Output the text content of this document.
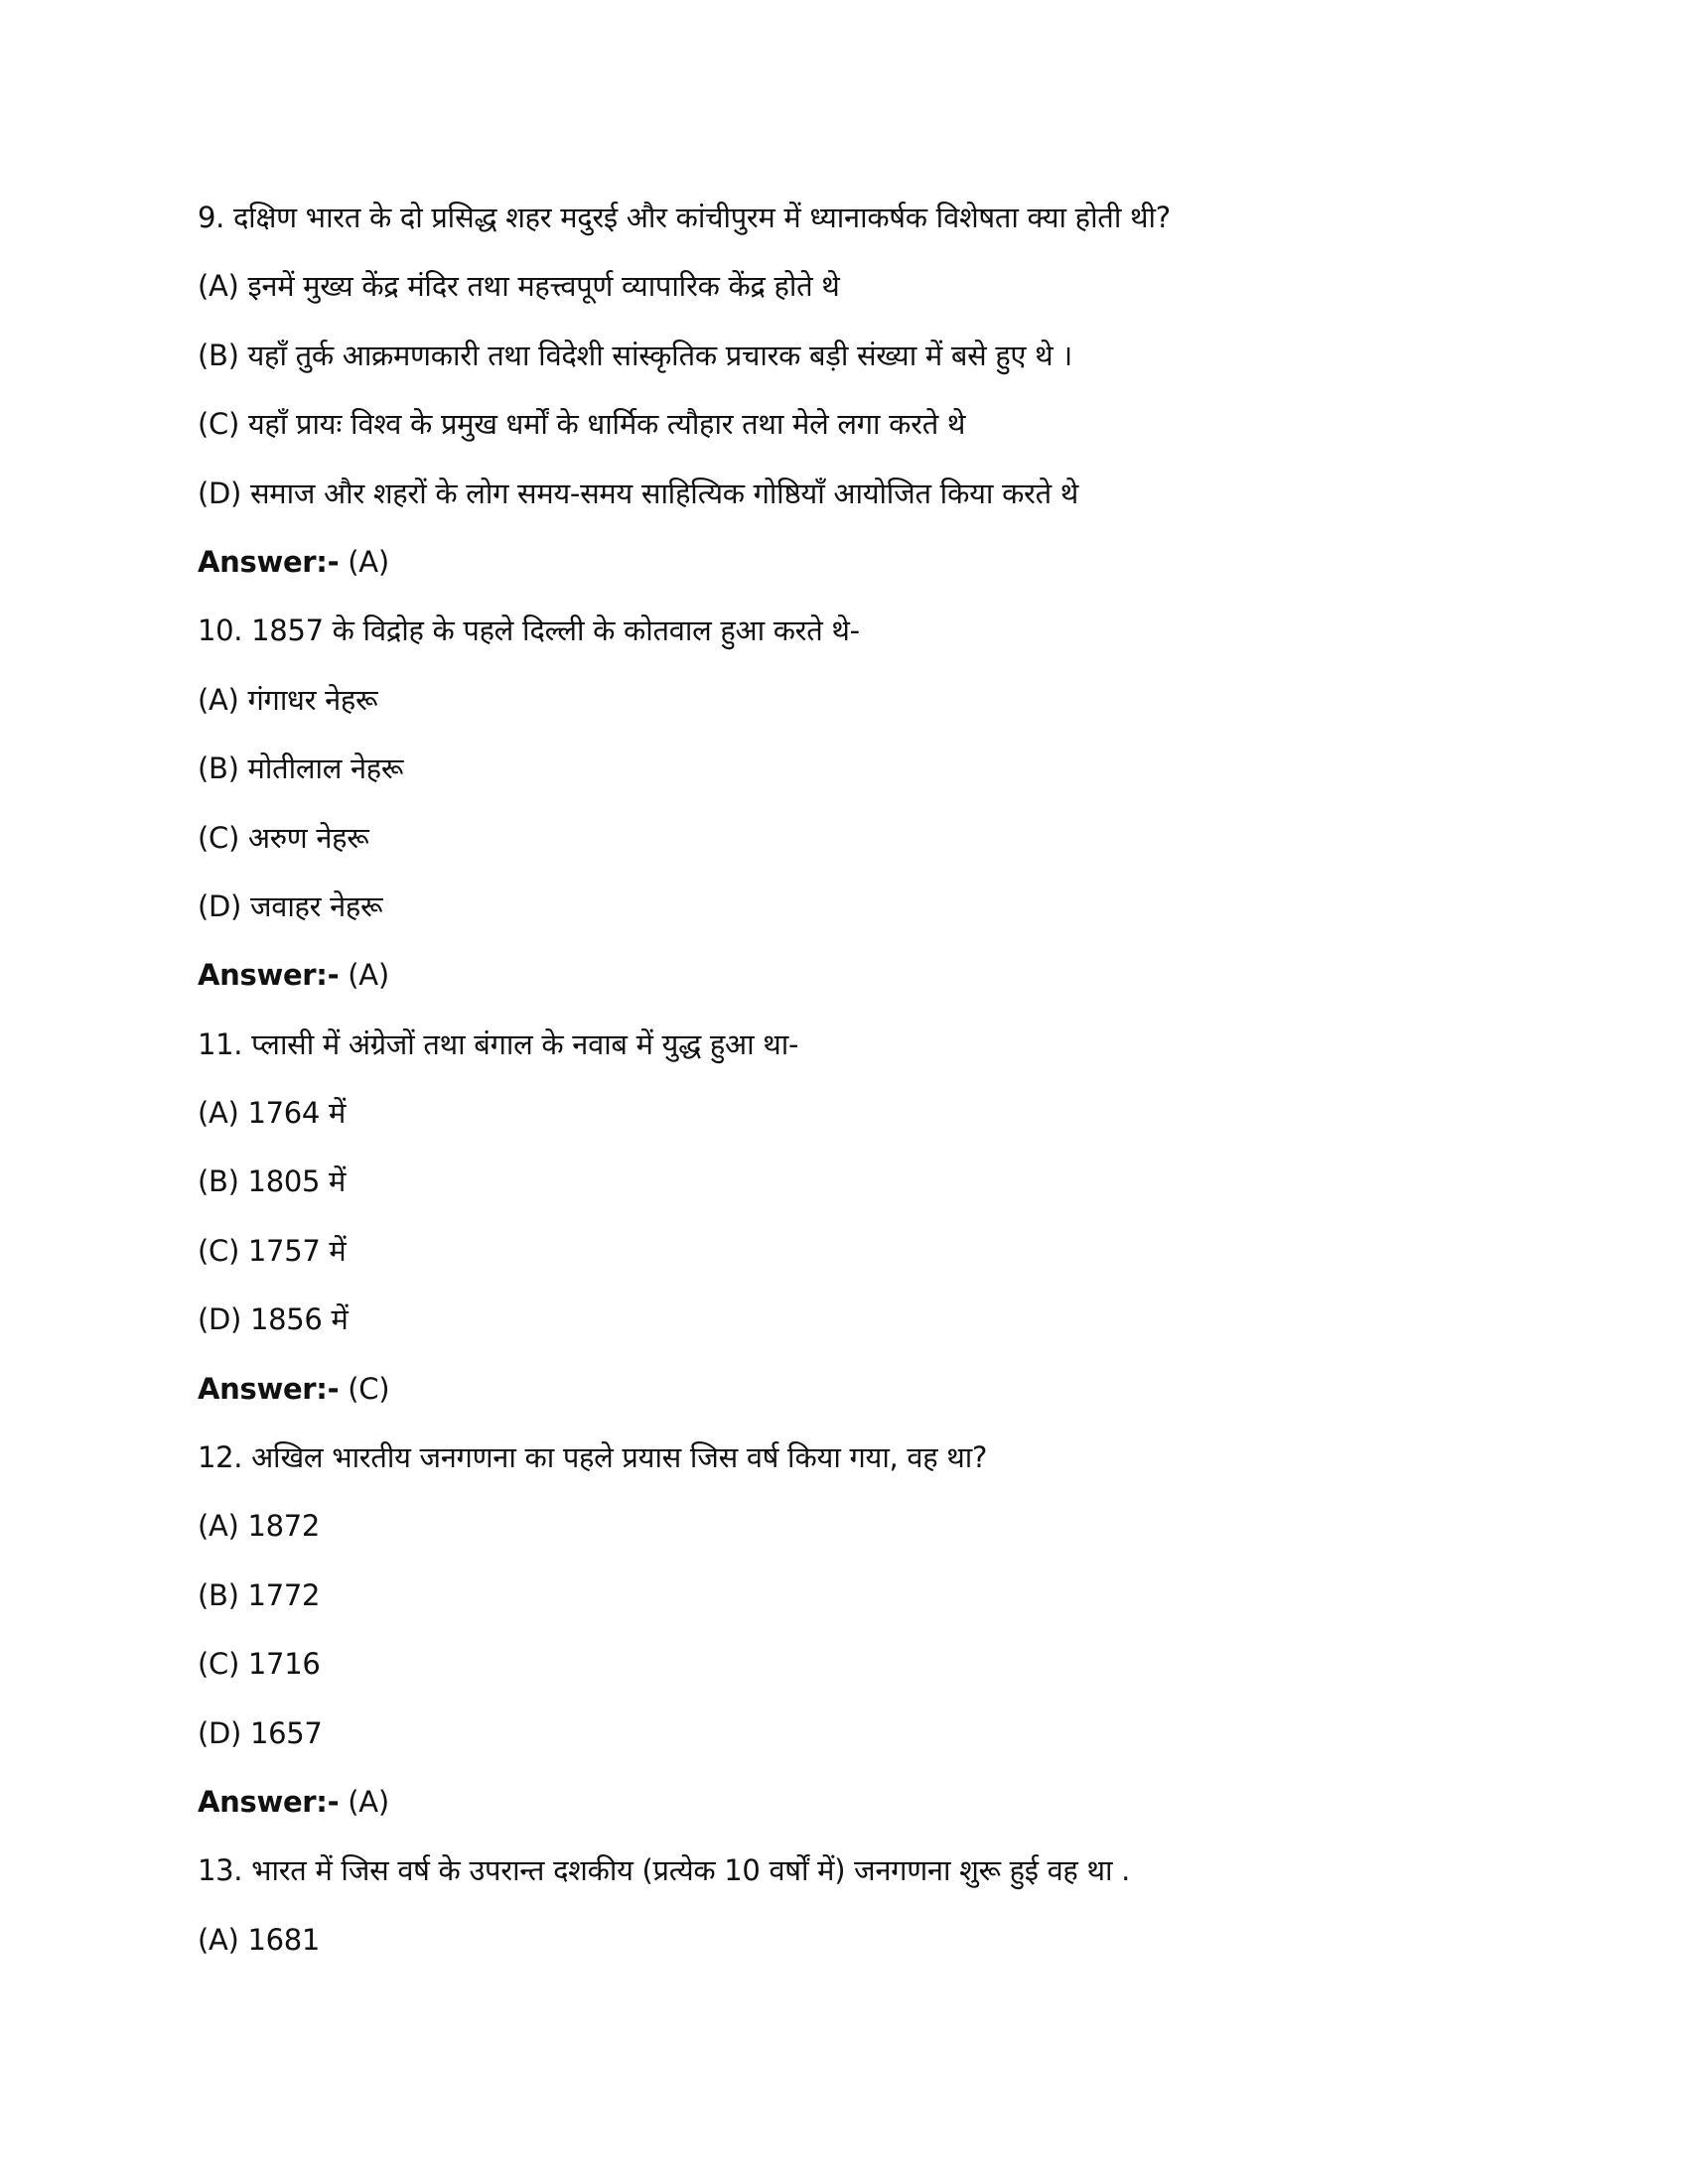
9. दक्षिण भारत के दो प्रसिद्ध शहर मदुरई और कांचीपुरम में ध्यानाकर्षक विशेषता क्या होती थी?
(A) इनमें मुख्य केंद्र मंदिर तथा महत्त्वपूर्ण व्यापारिक केंद्र होते थे
(B) यहाँ तुर्क आक्रमणकारी तथा विदेशी सांस्कृतिक प्रचारक बड़ी संख्या में बसे हुए थे ।
(C) यहाँ प्रायः विश्व के प्रमुख धर्मों के धार्मिक त्यौहार तथा मेले लगा करते थे
(D) समाज और शहरों के लोग समय-समय साहित्यिक गोष्ठियाँ आयोजित किया करते थे
Answer:- (A)
10. 1857 के विद्रोह के पहले दिल्ली के कोतवाल हुआ करते थे-
(A) गंगाधर नेहरू
(B) मोतीलाल नेहरू
(C) अरुण नेहरू
(D) जवाहर नेहरू
Answer:- (A)
11. प्लासी में अंग्रेजों तथा बंगाल के नवाब में युद्ध हुआ था-
(A) 1764 में
(B) 1805 में
(C) 1757 में
(D) 1856 में
Answer:- (C)
12. अखिल भारतीय जनगणना का पहले प्रयास जिस वर्ष किया गया, वह था?
(A) 1872
(B) 1772
(C) 1716
(D) 1657
Answer:- (A)
13. भारत में जिस वर्ष के उपरान्त दशकीय (प्रत्येक 10 वर्षों में) जनगणना शुरू हुई वह था .
(A) 1681
